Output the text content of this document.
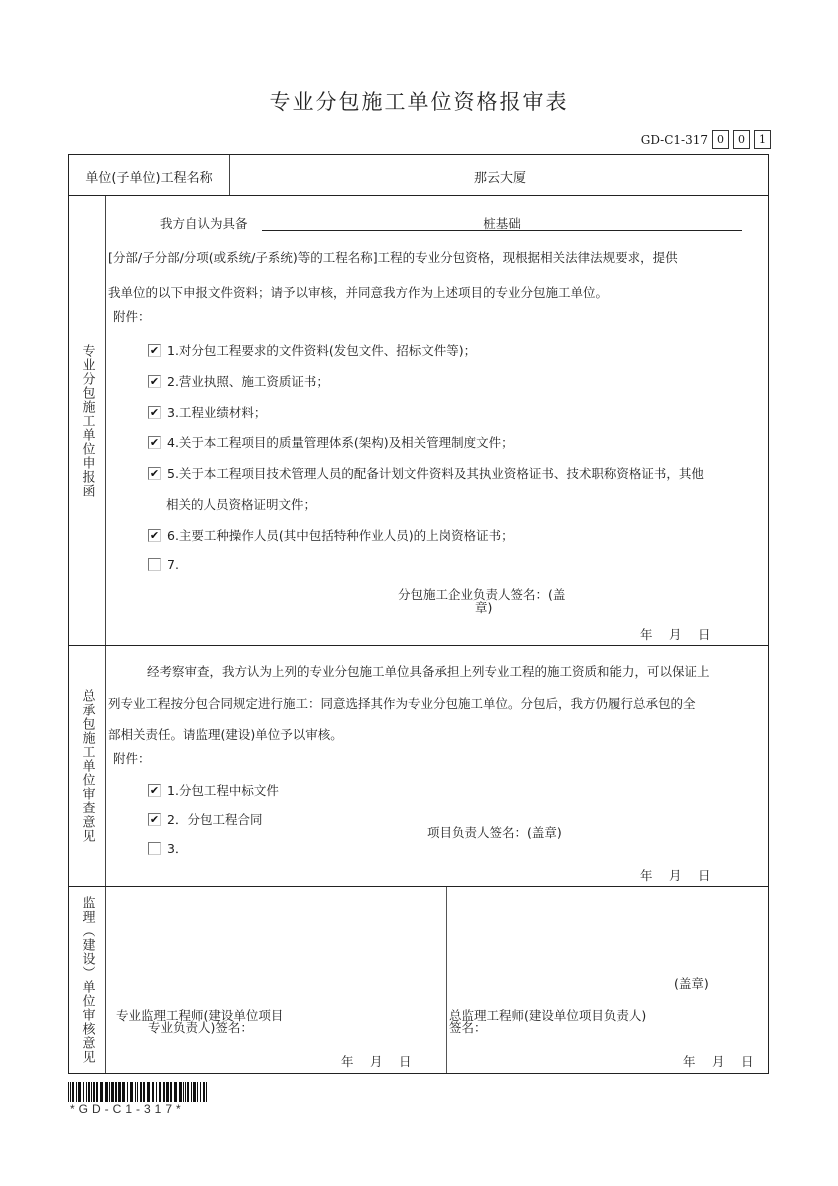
专业分包施工单位资格报审表
GD-C1-317 0	0	1
单位(子单位)工程名称	那云大厦
专业分包施工单位申报函
我方自认为具备	桩基础
[分部/子分部/分项(或系统/子系统)等的工程名称]工程的专业分包资格，现根据相关法律法规要求，提供
我单位的以下申报文件资料；请予以审核，并同意我方作为上述项目的专业分包施工单位。
附件：
✔ 1.对分包工程要求的文件资料(发包文件、招标文件等)；
✔ 2.营业执照、施工资质证书；
✔ 3.工程业绩材料；
✔ 4.关于本工程项目的质量管理体系(架构)及相关管理制度文件；
✔ 5.关于本工程项目技术管理人员的配备计划文件资料及其执业资格证书、技术职称资格证书，其他
相关的人员资格证明文件；
✔ 6.主要工种操作人员(其中包括特种作业人员)的上岗资格证书；
7.
分包施工企业负责人签名：(盖
章)
年　月　日
总承包施工单位审查意见
经考察审查，我方认为上列的专业分包施工单位具备承担上列专业工程的施工资质和能力，可以保证上
列专业工程按分包合同规定进行施工：同意选择其作为专业分包施工单位。分包后，我方仍履行总承包的全
部相关责任。请监理(建设)单位予以审核。
附件：
✔ 1.分包工程中标文件
✔ 2．分包工程合同
3．
项目负责人签名：(盖章)
年　月　日
监理（建设）单位审核意见	专业监理工程师(建设单位项目
专业负责人)签名：
年　月　日
(盖章)
总监理工程师(建设单位项目负责人)
签名：
年　月　日
*GD-C1-317*
